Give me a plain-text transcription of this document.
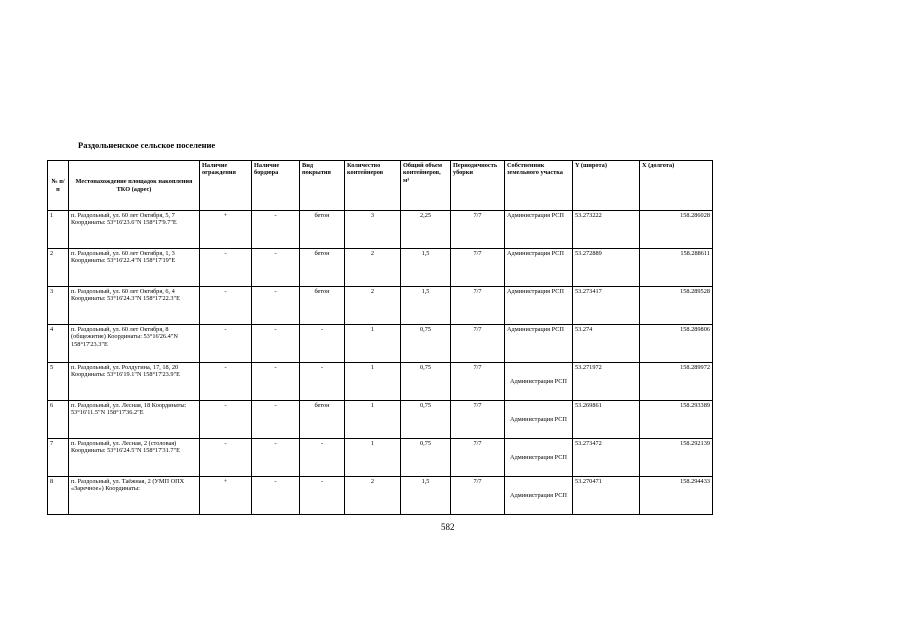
Раздольненское сельское поселение
№ п/п	Местонахождение площадок накопления ТКО (адрес)	Наличие ограждения	Наличие бордюра	Вид покрытия	Количество контейнеров	Общий объем контейнеров, м³	Периодичность уборки	Собственник земельного участка	Y (широта)	X (долгота)
1	п. Раздольный, ул. 60 лет Октября, 5, 7 Координаты: 53°16'23.6"N 158°17'9.7"E	+	-	бетон	3	2,25	7/7	Администрация РСП	53.273222	158.286028
2	п. Раздольный, ул. 60 лет Октября, 1, 3 Координаты: 53°16'22.4"N 158°17'19"E	-	-	бетон	2	1,5	7/7	Администрация РСП	53.272889	158.288611
3	п. Раздольный, ул. 60 лет Октября, 6, 4 Координаты: 53°16'24.3"N 158°17'22.3"E	-	-	бетон	2	1,5	7/7	Администрация РСП	53.273417	158.289528
4	п. Раздольный, ул. 60 лет Октября, 8 (общежитие) Координаты: 53°16'26.4"N 158°17'23.3"E	-	-	-	1	0,75	7/7	Администрация РСП	53.274	158.289806
5	п. Раздольный, ул. Ролдугина, 17, 18, 20 Координаты: 53°16'19.1"N 158°17'23.9"E	-	-	-	1	0,75	7/7	Администрация РСП	53.271972	158.289972
6	п. Раздольный, ул. Лесная, 18 Координаты: 53°16'11.5"N 158°17'36.2"E	-	-	бетон	1	0,75	7/7	Администрация РСП	53.269861	158.293389
7	п. Раздольный, ул. Лесная, 2 (столовая) Координаты: 53°16'24.5"N 158°17'31.7"E	-	-	-	1	0,75	7/7	Администрация РСП	53.273472	158.292139
8	п. Раздольный, ул. Таёжная, 2 (УМП ОПХ «Заречное») Координаты:	+	-	-	2	1,5	7/7	Администрация РСП	53.270471	158.294433
582
